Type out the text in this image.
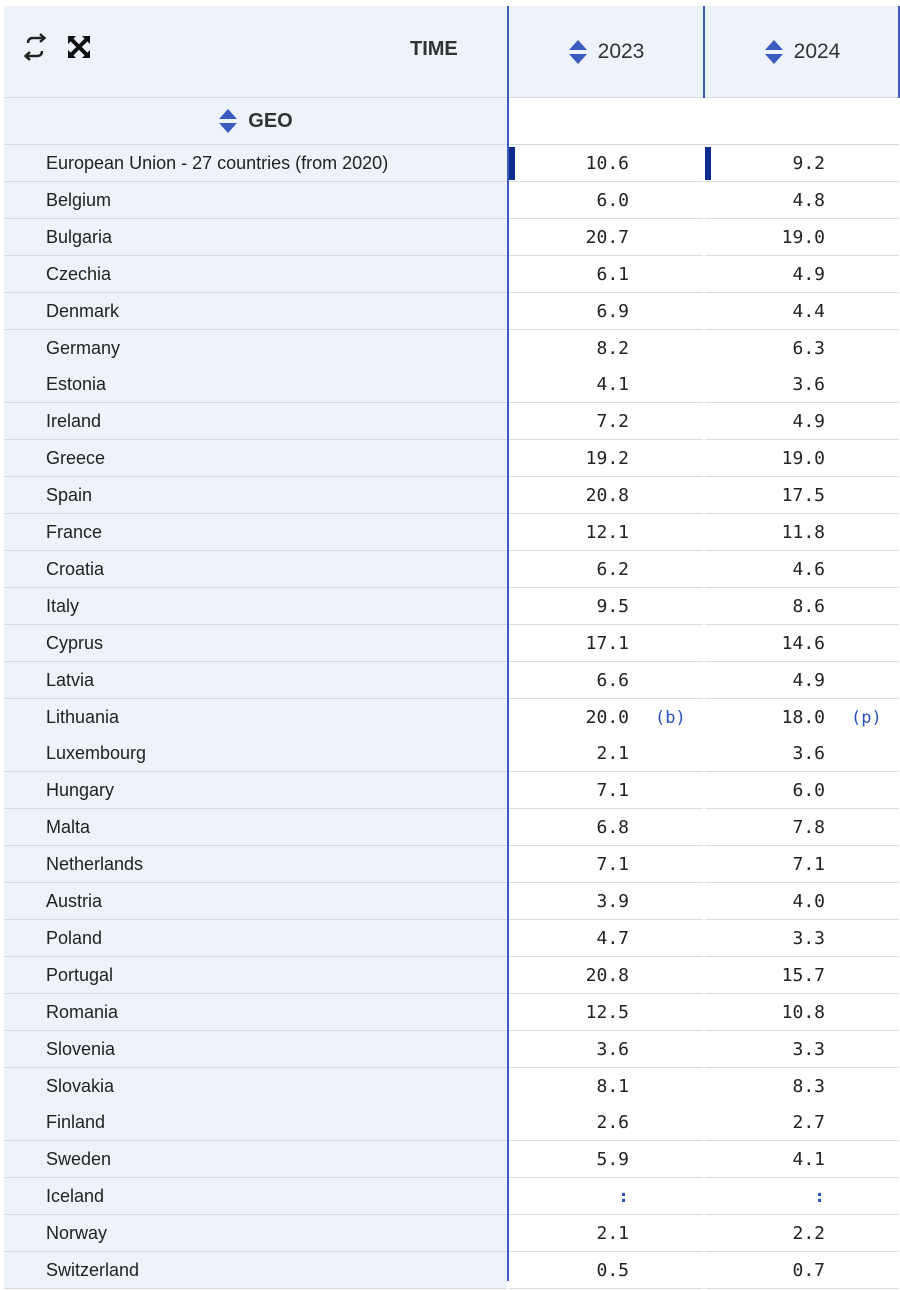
TIME	2023	2024
GEO
European Union - 27 countries (from 2020)	10.6	9.2
Belgium	6.0	4.8
Bulgaria	20.7	19.0
Czechia	6.1	4.9
Denmark	6.9	4.4
Germany	8.2	6.3
Estonia	4.1	3.6
Ireland	7.2	4.9
Greece	19.2	19.0
Spain	20.8	17.5
France	12.1	11.8
Croatia	6.2	4.6
Italy	9.5	8.6
Cyprus	17.1	14.6
Latvia	6.6	4.9
Lithuania	20.0 (b)	18.0 (p)
Luxembourg	2.1	3.6
Hungary	7.1	6.0
Malta	6.8	7.8
Netherlands	7.1	7.1
Austria	3.9	4.0
Poland	4.7	3.3
Portugal	20.8	15.7
Romania	12.5	10.8
Slovenia	3.6	3.3
Slovakia	8.1	8.3
Finland	2.6	2.7
Sweden	5.9	4.1
Iceland	:	:
Norway	2.1	2.2
Switzerland	0.5	0.7
